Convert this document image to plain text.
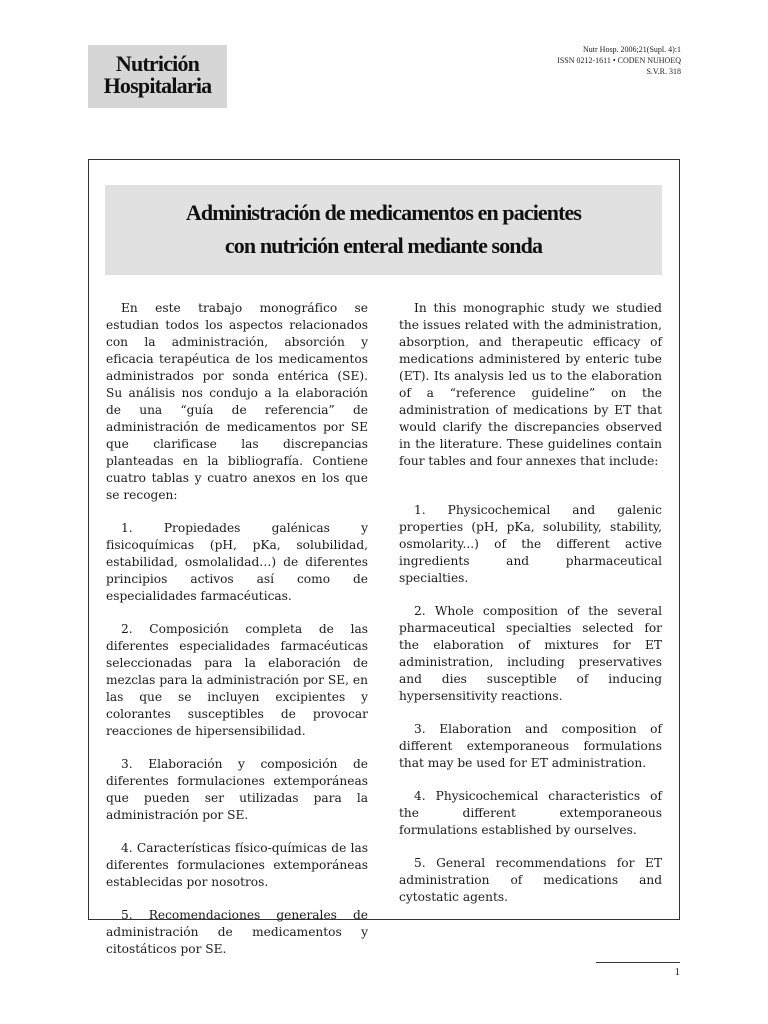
Nutrición
Hospitalaria
Nutr Hosp. 2006;21(Supl. 4):1
ISSN 0212-1611 • CODEN NUHOEQ
S.V.R. 318
Administración de medicamentos en pacientes
con nutrición enteral mediante sonda

En este trabajo monográfico se estudian todos los aspectos relacionados con la administración, absorción y eficacia terapéutica de los medicamentos administrados por sonda entérica (SE). Su análisis nos condujo a la elaboración de una “guía de referencia” de administración de medicamentos por SE que clarificase las discrepancias planteadas en la bibliografía. Contiene cuatro tablas y cuatro anexos en los que se recogen:

1. Propiedades galénicas y fisicoquímicas (pH, pKa, solubilidad, estabilidad, osmolalidad…) de diferentes principios activos así como de especialidades farmacéuticas.

2. Composición completa de las diferentes especialidades farmacéuticas seleccionadas para la elaboración de mezclas para la administración por SE, en las que se incluyen excipientes y colorantes susceptibles de provocar reacciones de hipersensibilidad.

3. Elaboración y composición de diferentes formulaciones extemporáneas que pueden ser utilizadas para la administración por SE.

4. Características físico-químicas de las diferentes formulaciones extemporáneas establecidas por nosotros.

5. Recomendaciones generales de administración de medicamentos y citostáticos por SE.

In this monographic study we studied the issues related with the administration, absorption, and therapeutic efficacy of medications administered by enteric tube (ET). Its analysis led us to the elaboration of a “reference guideline” on the administration of medications by ET that would clarify the discrepancies observed in the literature. These guidelines contain four tables and four annexes that include:

1. Physicochemical and galenic properties (pH, pKa, solubility, stability, osmolarity...) of the different active ingredients and pharmaceutical specialties.

2. Whole composition of the several pharmaceutical specialties selected for the elaboration of mixtures for ET administration, including preservatives and dies susceptible of inducing hypersensitivity reactions.

3. Elaboration and composition of different extemporaneous formulations that may be used for ET administration.

4. Physicochemical characteristics of the different extemporaneous formulations established by ourselves.

5. General recommendations for ET administration of medications and cytostatic agents.

1
